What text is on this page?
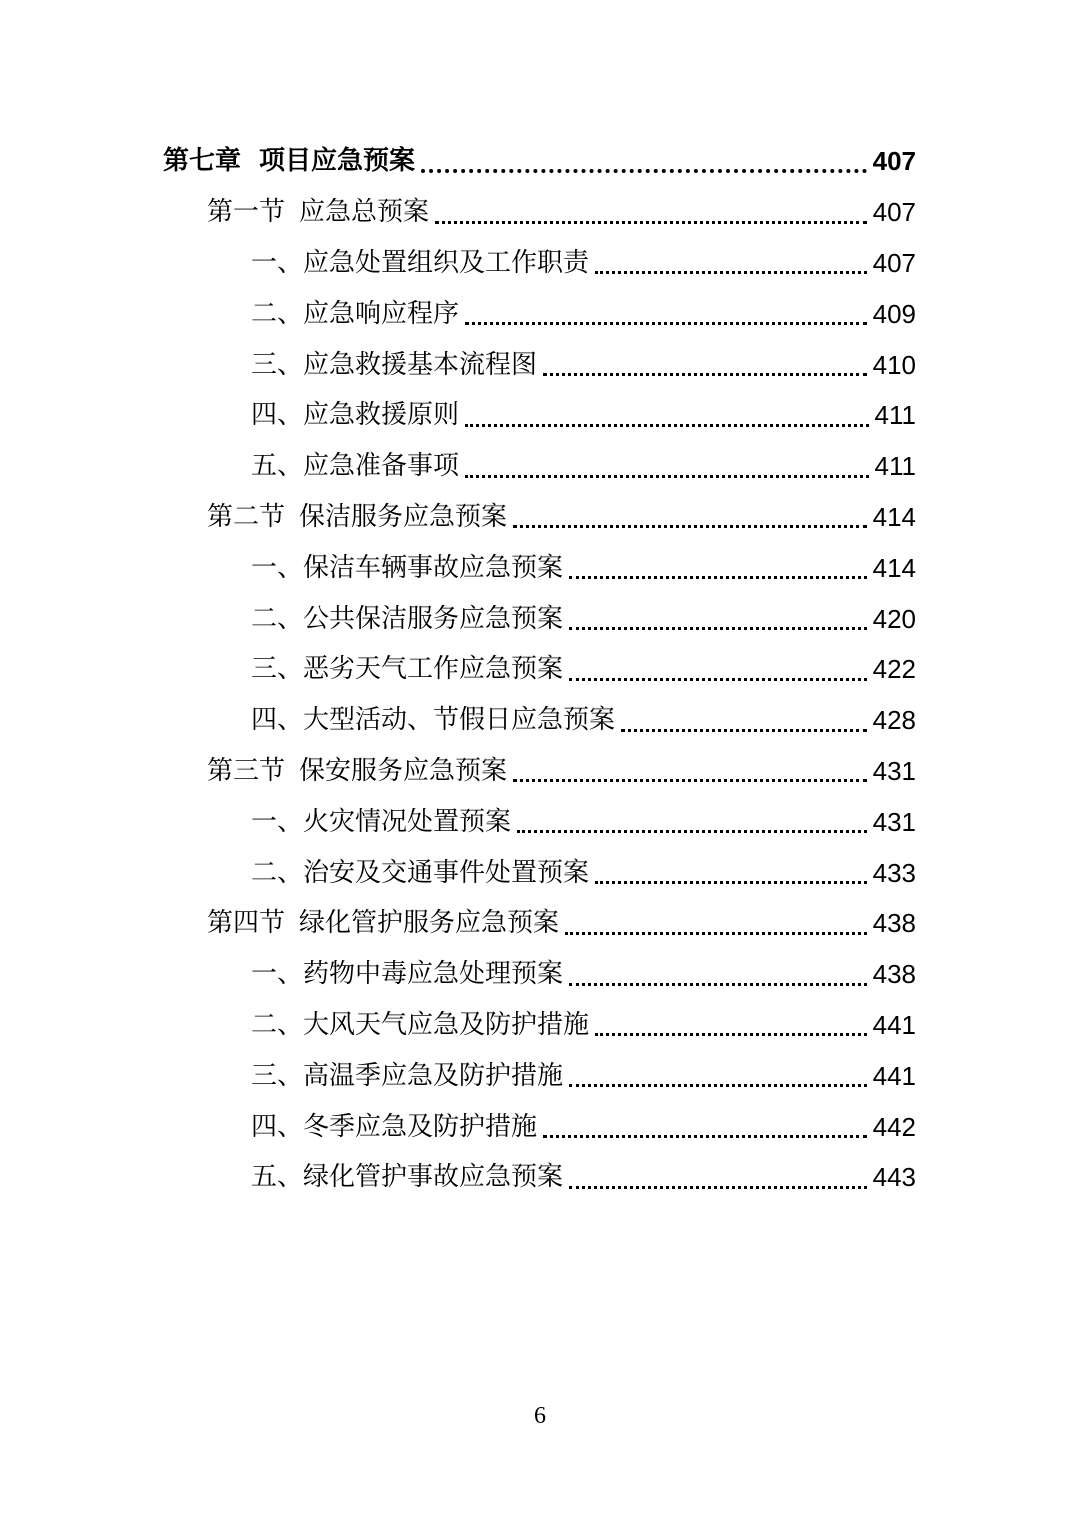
第七章 项目应急预案	407
第一节 应急总预案	407
一、 应急处置组织及工作职责	407
二、 应急响应程序	409
三、 应急救援基本流程图	410
四、 应急救援原则	411
五、 应急准备事项	411
第二节 保洁服务应急预案	414
一、 保洁车辆事故应急预案	414
二、 公共保洁服务应急预案	420
三、 恶劣天气工作应急预案	422
四、 大型活动、节假日应急预案	428
第三节 保安服务应急预案	431
一、 火灾情况处置预案	431
二、 治安及交通事件处置预案	433
第四节 绿化管护服务应急预案	438
一、 药物中毒应急处理预案	438
二、 大风天气应急及防护措施	441
三、 高温季应急及防护措施	441
四、 冬季应急及防护措施	442
五、 绿化管护事故应急预案	443
6
